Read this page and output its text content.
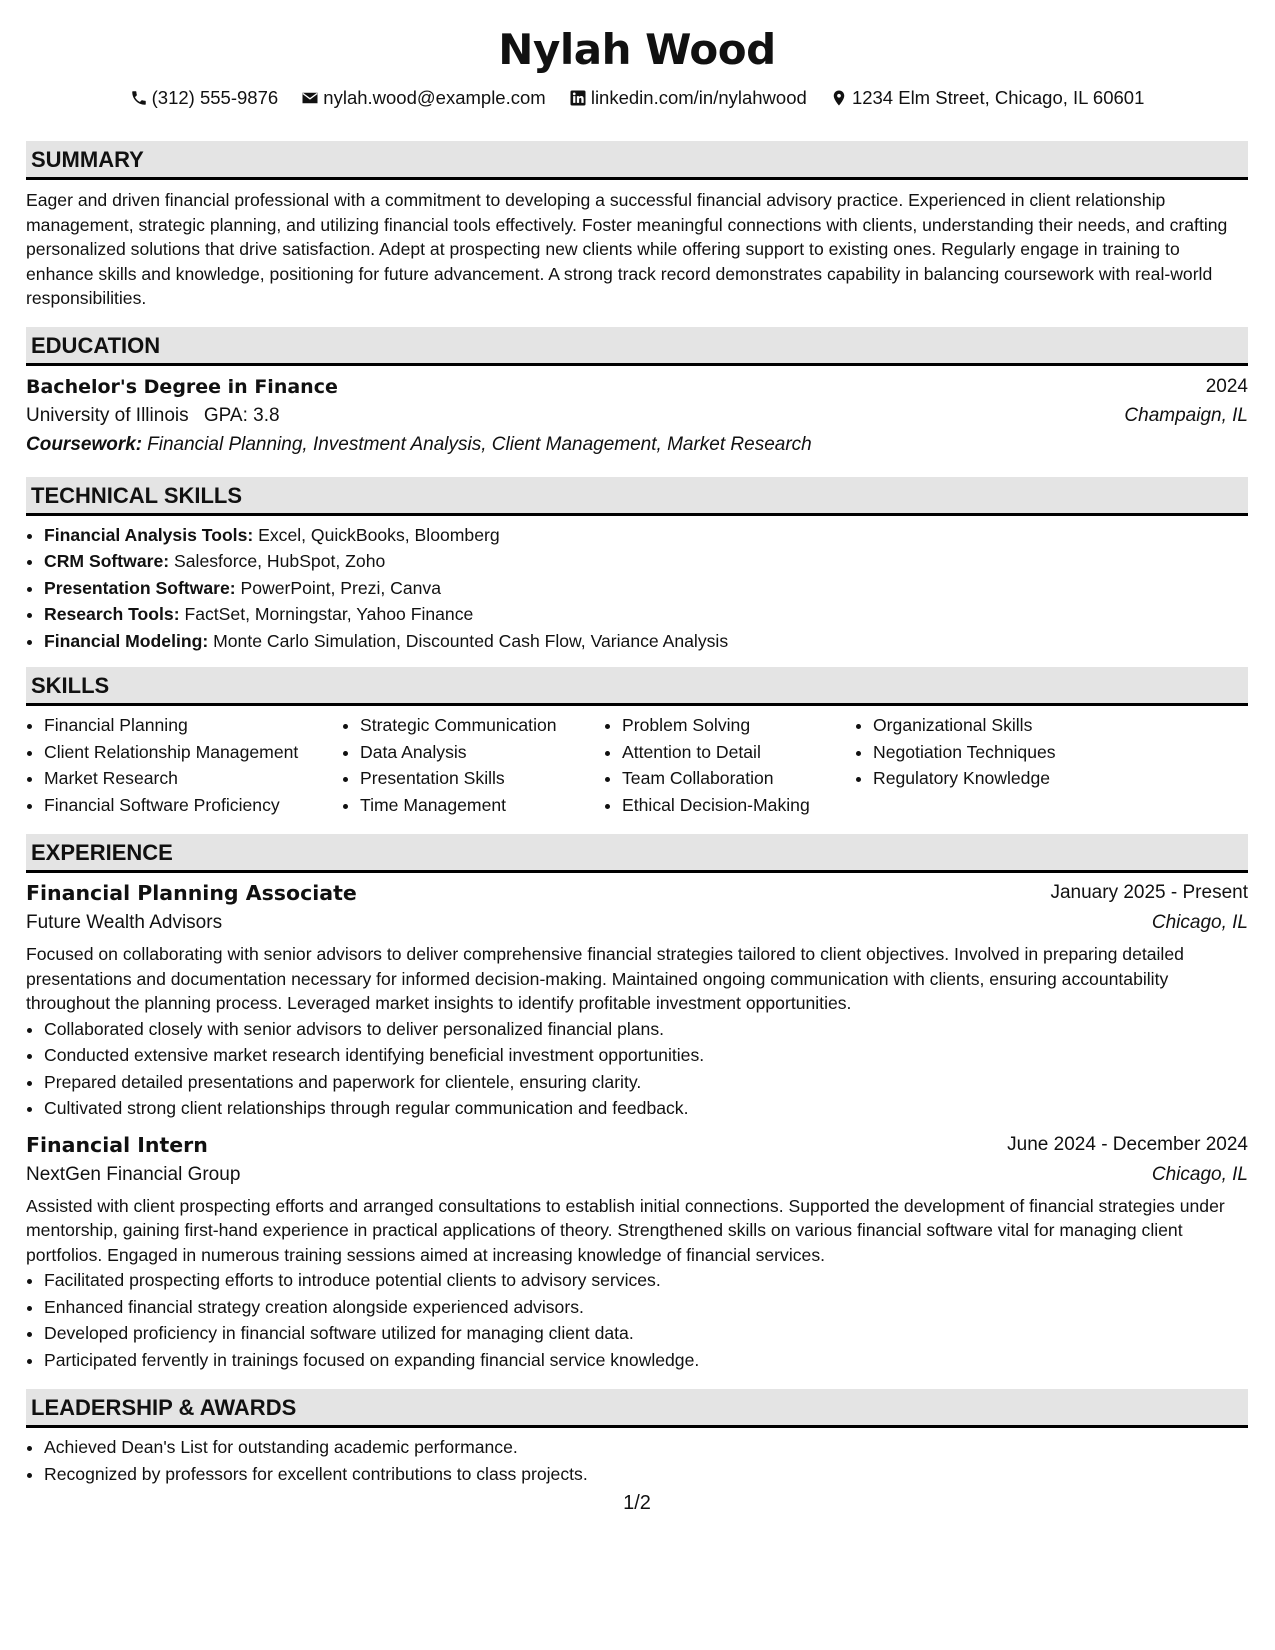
Nylah Wood
(312) 555-9876
nylah.wood@example.com
linkedin.com/in/nylahwood
1234 Elm Street, Chicago, IL 60601
SUMMARY
Eager and driven financial professional with a commitment to developing a successful financial advisory practice. Experienced in client relationship management, strategic planning, and utilizing financial tools effectively. Foster meaningful connections with clients, understanding their needs, and crafting personalized solutions that drive satisfaction. Adept at prospecting new clients while offering support to existing ones. Regularly engage in training to enhance skills and knowledge, positioning for future advancement. A strong track record demonstrates capability in balancing coursework with real-world responsibilities.
EDUCATION
Bachelor's Degree in Finance	2024
University of Illinois GPA: 3.8	Champaign, IL
Coursework: Financial Planning, Investment Analysis, Client Management, Market Research
TECHNICAL SKILLS
• Financial Analysis Tools: Excel, QuickBooks, Bloomberg
• CRM Software: Salesforce, HubSpot, Zoho
• Presentation Software: PowerPoint, Prezi, Canva
• Research Tools: FactSet, Morningstar, Yahoo Finance
• Financial Modeling: Monte Carlo Simulation, Discounted Cash Flow, Variance Analysis
SKILLS
• Financial Planning
• Client Relationship Management
• Market Research
• Financial Software Proficiency
• Strategic Communication
• Data Analysis
• Presentation Skills
• Time Management
• Problem Solving
• Attention to Detail
• Team Collaboration
• Ethical Decision-Making
• Organizational Skills
• Negotiation Techniques
• Regulatory Knowledge
EXPERIENCE
Financial Planning Associate	January 2025 - Present
Future Wealth Advisors	Chicago, IL
Focused on collaborating with senior advisors to deliver comprehensive financial strategies tailored to client objectives. Involved in preparing detailed presentations and documentation necessary for informed decision-making. Maintained ongoing communication with clients, ensuring accountability throughout the planning process. Leveraged market insights to identify profitable investment opportunities.
• Collaborated closely with senior advisors to deliver personalized financial plans.
• Conducted extensive market research identifying beneficial investment opportunities.
• Prepared detailed presentations and paperwork for clientele, ensuring clarity.
• Cultivated strong client relationships through regular communication and feedback.
Financial Intern	June 2024 - December 2024
NextGen Financial Group	Chicago, IL
Assisted with client prospecting efforts and arranged consultations to establish initial connections. Supported the development of financial strategies under mentorship, gaining first-hand experience in practical applications of theory. Strengthened skills on various financial software vital for managing client portfolios. Engaged in numerous training sessions aimed at increasing knowledge of financial services.
• Facilitated prospecting efforts to introduce potential clients to advisory services.
• Enhanced financial strategy creation alongside experienced advisors.
• Developed proficiency in financial software utilized for managing client data.
• Participated fervently in trainings focused on expanding financial service knowledge.
LEADERSHIP & AWARDS
• Achieved Dean's List for outstanding academic performance.
• Recognized by professors for excellent contributions to class projects.
1/2
